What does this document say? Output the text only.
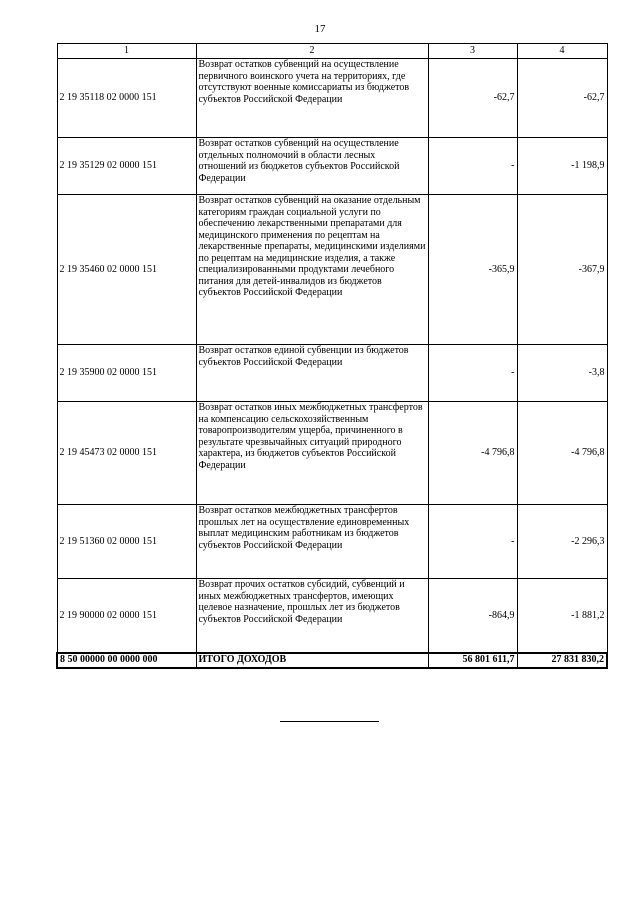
17
1	2	3	4
2 19 35118 02 0000 151	Возврат остатков субвенций на осуществление первичного воинского учета на территориях, где отсутствуют военные комиссариаты из бюджетов субъектов Российской Федерации	-62,7	-62,7
2 19 35129 02 0000 151	Возврат остатков субвенций на осуществление отдельных полномочий в области лесных отношений из бюджетов субъектов Российской Федерации	-	-1 198,9
2 19 35460 02 0000 151	Возврат остатков субвенций на оказание отдельным категориям граждан социальной услуги по обеспечению лекарственными препаратами для медицинского применения по рецептам на лекарственные препараты, медицинскими изделиями по рецептам на медицинские изделия, а также специализированными продуктами лечебного питания для детей-инвалидов из бюджетов субъектов Российской Федерации	-365,9	-367,9
2 19 35900 02 0000 151	Возврат остатков единой субвенции из бюджетов субъектов Российской Федерации	-	-3,8
2 19 45473 02 0000 151	Возврат остатков иных межбюджетных трансфертов на компенсацию сельскохозяйственным товаропроизводителям ущерба, причиненного в результате чрезвычайных ситуаций природного характера, из бюджетов субъектов Российской Федерации	-4 796,8	-4 796,8
2 19 51360 02 0000 151	Возврат остатков межбюджетных трансфертов прошлых лет на осуществление единовременных выплат медицинским работникам из бюджетов субъектов Российской Федерации	-	-2 296,3
2 19 90000 02 0000 151	Возврат прочих остатков субсидий, субвенций и иных межбюджетных трансфертов, имеющих целевое назначение, прошлых лет из бюджетов субъектов Российской Федерации	-864,9	-1 881,2
8 50 00000 00 0000 000	ИТОГО ДОХОДОВ	56 801 611,7	27 831 830,2
